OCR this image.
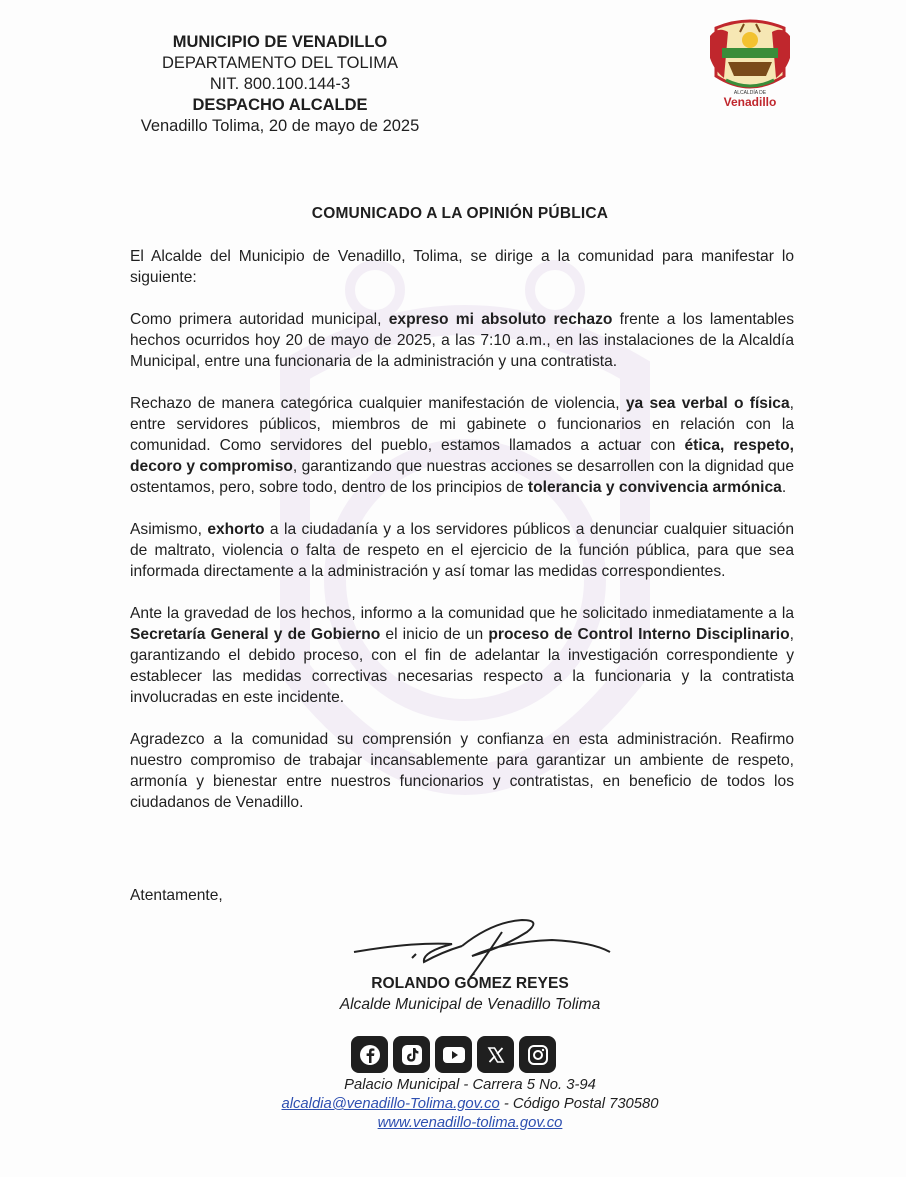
MUNICIPIO DE VENADILLO
DEPARTAMENTO DEL TOLIMA
NIT. 800.100.144-3
DESPACHO ALCALDE
Venadillo Tolima, 20 de mayo de 2025
ALCALDÍA DE
Venadillo
COMUNICADO A LA OPINIÓN PÚBLICA

El Alcalde del Municipio de Venadillo, Tolima, se dirige a la comunidad para manifestar lo siguiente:

Como primera autoridad municipal, expreso mi absoluto rechazo frente a los lamentables hechos ocurridos hoy 20 de mayo de 2025, a las 7:10 a.m., en las instalaciones de la Alcaldía Municipal, entre una funcionaria de la administración y una contratista.

Rechazo de manera categórica cualquier manifestación de violencia, ya sea verbal o física, entre servidores públicos, miembros de mi gabinete o funcionarios en relación con la comunidad. Como servidores del pueblo, estamos llamados a actuar con ética, respeto, decoro y compromiso, garantizando que nuestras acciones se desarrollen con la dignidad que ostentamos, pero, sobre todo, dentro de los principios de tolerancia y convivencia armónica.

Asimismo, exhorto a la ciudadanía y a los servidores públicos a denunciar cualquier situación de maltrato, violencia o falta de respeto en el ejercicio de la función pública, para que sea informada directamente a la administración y así tomar las medidas correspondientes.

Ante la gravedad de los hechos, informo a la comunidad que he solicitado inmediatamente a la Secretaría General y de Gobierno el inicio de un proceso de Control Interno Disciplinario, garantizando el debido proceso, con el fin de adelantar la investigación correspondiente y establecer las medidas correctivas necesarias respecto a la funcionaria y la contratista involucradas en este incidente.

Agradezco a la comunidad su comprensión y confianza en esta administración. Reafirmo nuestro compromiso de trabajar incansablemente para garantizar un ambiente de respeto, armonía y bienestar entre nuestros funcionarios y contratistas, en beneficio de todos los ciudadanos de Venadillo.

Atentamente,
ROLANDO GÓMEZ REYES
Alcalde Municipal de Venadillo Tolima
Palacio Municipal - Carrera 5 No. 3-94
alcaldia@venadillo-Tolima.gov.co - Código Postal 730580
www.venadillo-tolima.gov.co
